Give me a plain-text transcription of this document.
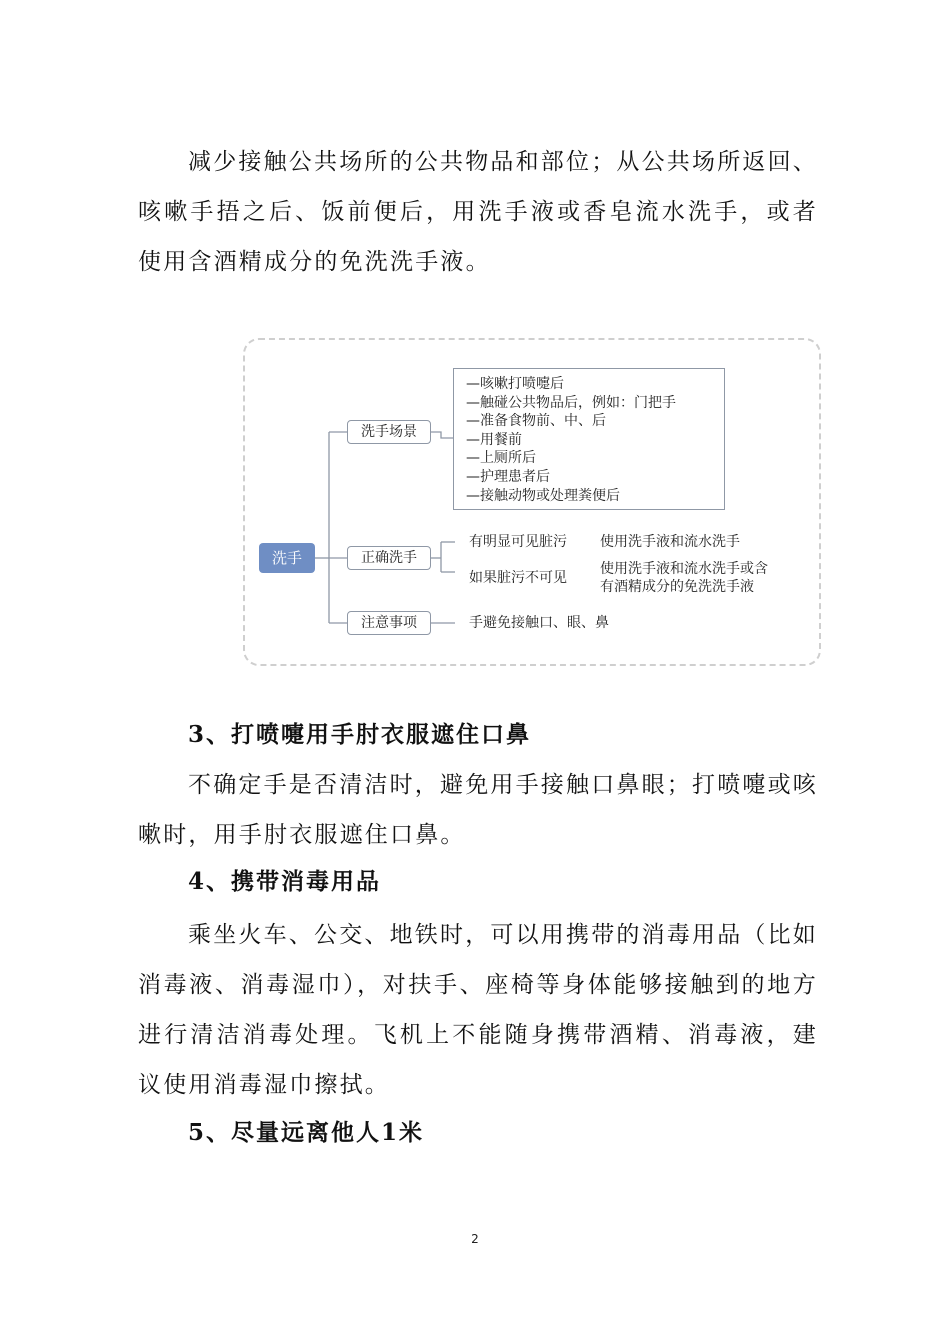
减少接触公共场所的公共物品和部位；从公共场所返回、咳嗽手捂之后、饭前便后，用洗手液或香皂流水洗手，或者使用含酒精成分的免洗洗手液。

洗手
洗手场景
—咳嗽打喷嚏后
—触碰公共物品后，例如：门把手
—准备食物前、中、后
—用餐前
—上厕所后
—护理患者后
—接触动物或处理粪便后
正确洗手
有明显可见脏污 使用洗手液和流水洗手
如果脏污不可见
使用洗手液和流水洗手或含
有酒精成分的免洗洗手液
注意事项	手避免接触口、眼、鼻
3、打喷嚏用手肘衣服遮住口鼻

不确定手是否清洁时，避免用手接触口鼻眼；打喷嚏或咳嗽时，用手肘衣服遮住口鼻。

4、携带消毒用品

乘坐火车、公交、地铁时，可以用携带的消毒用品（比如消毒液、消毒湿巾），对扶手、座椅等身体能够接触到的地方进行清洁消毒处理。飞机上不能随身携带酒精、消毒液，建议使用消毒湿巾擦拭。

5、尽量远离他人1米
2
